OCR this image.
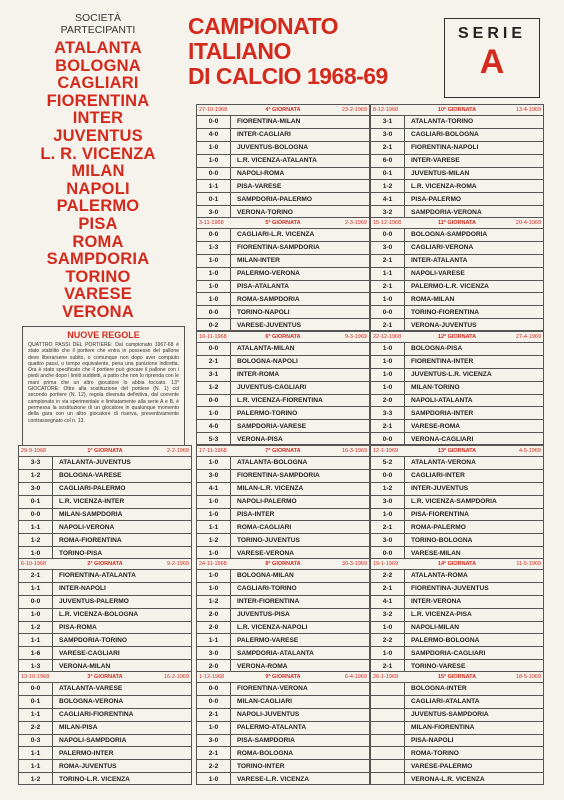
SOCIETÀ
PARTECIPANTI
ATALANTA
BOLOGNA
CAGLIARI
FIORENTINA
INTER
JUVENTUS
L. R. VICENZA
MILAN
NAPOLI
PALERMO
PISA
ROMA
SAMPDORIA
TORINO
VARESE
VERONA
CAMPIONATO ITALIANO
DI CALCIO 1968-69
SERIE
A
NUOVE REGOLE

QUATTRO PASSI DEL PORTIERE: Dal campionato 1967-68 è stato stabilito che il portiere che entra in possesso del pallone deve liberarsene subito, o comunque non dopo aver compiuto quattro passi, o tempo equivalente, pena una punizione indiretta. Ora è stato specificato che il portiere può giocare il pallone con i piedi anche dopo i limiti suddetti, a patto che non lo riprenda con le mani prima che un altro giocatore lo abbia toccato. 13° GIOCATORE: Oltre alla sostituzione del portiere (N. 1) col secondo portiere (N. 12), regola divenuta definitiva, dal corrente campionato in via sperimentale e limitatamente alla serie A e B, è permessa la sostituzione di un giocatore in qualunque momento della gara con un altro giocatore di riserva, preventivamente contrassegnato col n. 13.

27-10-1968	4ª GIORNATA	23-2-1969
0-0	FIORENTINA-MILAN
4-0	INTER-CAGLIARI
1-0	JUVENTUS-BOLOGNA
1-0	L.R. VICENZA-ATALANTA
0-0	NAPOLI-ROMA
1-1	PISA-VARESE
0-1	SAMPDORIA-PALERMO
3-0	VERONA-TORINO
8-12-1968	10ª GIORNATA	13-4-1969
3-1	ATALANTA-TORINO
3-0	CAGLIARI-BOLOGNA
2-1	FIORENTINA-NAPOLI
6-0	INTER-VARESE
0-1	JUVENTUS-MILAN
1-2	L.R. VICENZA-ROMA
4-1	PISA-PALERMO
3-2	SAMPDORIA-VERONA
3-11-1968	5ª GIORNATA	2-3-1969
0-0	CAGLIARI-L.R. VICENZA
1-3	FIORENTINA-SAMPDORIA
1-0	MILAN-INTER
1-0	PALERMO-VERONA
1-0	PISA-ATALANTA
1-0	ROMA-SAMPDORIA
0-0	TORINO-NAPOLI
0-2	VARESE-JUVENTUS
15-12-1968	11ª GIORNATA	20-4-1969
0-0	BOLOGNA-SAMPDORIA
3-0	CAGLIARI-VERONA
2-1	INTER-ATALANTA
1-1	NAPOLI-VARESE
2-1	PALERMO-L.R. VICENZA
1-0	ROMA-MILAN
0-0	TORINO-FIORENTINA
2-1	VERONA-JUVENTUS
10-11-1968	6ª GIORNATA	9-3-1969
0-0	ATALANTA-MILAN
2-1	BOLOGNA-NAPOLI
3-1	INTER-ROMA
1-2	JUVENTUS-CAGLIARI
0-0	L.R. VICENZA-FIORENTINA
1-0	PALERMO-TORINO
4-0	SAMPDORIA-VARESE
5-3	VERONA-PISA
22-12-1968	12ª GIORNATA	27-4-1969
1-0	BOLOGNA-PISA
1-0	FIORENTINA-INTER
1-0	JUVENTUS-L.R. VICENZA
1-0	MILAN-TORINO
2-0	NAPOLI-ATALANTA
3-3	SAMPDORIA-INTER
2-1	VARESE-ROMA
0-0	VERONA-CAGLIARI
29-9-1968	1ª GIORNATA	2-2-1969
3-3	ATALANTA-JUVENTUS
1-2	BOLOGNA-VARESE
3-0	CAGLIARI-PALERMO
0-1	L.R. VICENZA-INTER
0-0	MILAN-SAMPDORIA
1-1	NAPOLI-VERONA
1-2	ROMA-FIORENTINA
1-0	TORINO-PISA
17-11-1968	7ª GIORNATA	16-3-1969
1-0	ATALANTA-BOLOGNA
3-0	FIORENTINA-SAMPDORIA
4-1	MILAN-L.R. VICENZA
1-0	NAPOLI-PALERMO
1-0	PISA-INTER
1-1	ROMA-CAGLIARI
1-2	TORINO-JUVENTUS
1-0	VARESE-VERONA
12-1-1969	13ª GIORNATA	4-5-1969
5-2	ATALANTA-VERONA
0-0	CAGLIARI-INTER
1-2	INTER-JUVENTUS
3-0	L.R. VICENZA-SAMPDORIA
1-0	PISA-FIORENTINA
2-1	ROMA-PALERMO
3-0	TORINO-BOLOGNA
0-0	VARESE-MILAN
6-10-1968	2ª GIORNATA	9-2-1969
2-1	FIORENTINA-ATALANTA
1-1	INTER-NAPOLI
0-0	JUVENTUS-PALERMO
1-0	L.R. VICENZA-BOLOGNA
1-2	PISA-ROMA
1-1	SAMPDORIA-TORINO
1-6	VARESE-CAGLIARI
1-3	VERONA-MILAN
24-11-1968	8ª GIORNATA	30-3-1969
1-0	BOLOGNA-MILAN
1-0	CAGLIARI-TORINO
1-2	INTER-FIORENTINA
2-0	JUVENTUS-PISA
2-0	L.R. VICENZA-NAPOLI
1-1	PALERMO-VARESE
3-0	SAMPDORIA-ATALANTA
2-0	VERONA-ROMA
19-1-1969	14ª GIORNATA	11-5-1969
2-2	ATALANTA-ROMA
2-1	FIORENTINA-JUVENTUS
4-1	INTER-VERONA
3-2	L.R. VICENZA-PISA
1-0	NAPOLI-MILAN
2-2	PALERMO-BOLOGNA
1-0	SAMPDORIA-CAGLIARI
2-1	TORINO-VARESE
13-10-1968	3ª GIORNATA	16-2-1969
0-0	ATALANTA-VARESE
0-1	BOLOGNA-VERONA
1-1	CAGLIARI-FIORENTINA
2-2	MILAN-PISA
0-3	NAPOLI-SAMPDORIA
1-1	PALERMO-INTER
1-1	ROMA-JUVENTUS
1-2	TORINO-L.R. VICENZA
1-12-1968	9ª GIORNATA	6-4-1969
0-0	FIORENTINA-VERONA
0-0	MILAN-CAGLIARI
2-1	NAPOLI-JUVENTUS
1-0	PALERMO-ATALANTA
3-0	PISA-SAMPDORIA
2-1	ROMA-BOLOGNA
2-2	TORINO-INTER
1-0	VARESE-L.R. VICENZA
26-1-1969	15ª GIORNATA	18-5-1969
BOLOGNA-INTER
CAGLIARI-ATALANTA
JUVENTUS-SAMPDORIA
MILAN-FIORENTINA
PISA-NAPOLI
ROMA-TORINO
VARESE-PALERMO
VERONA-L.R. VICENZA
